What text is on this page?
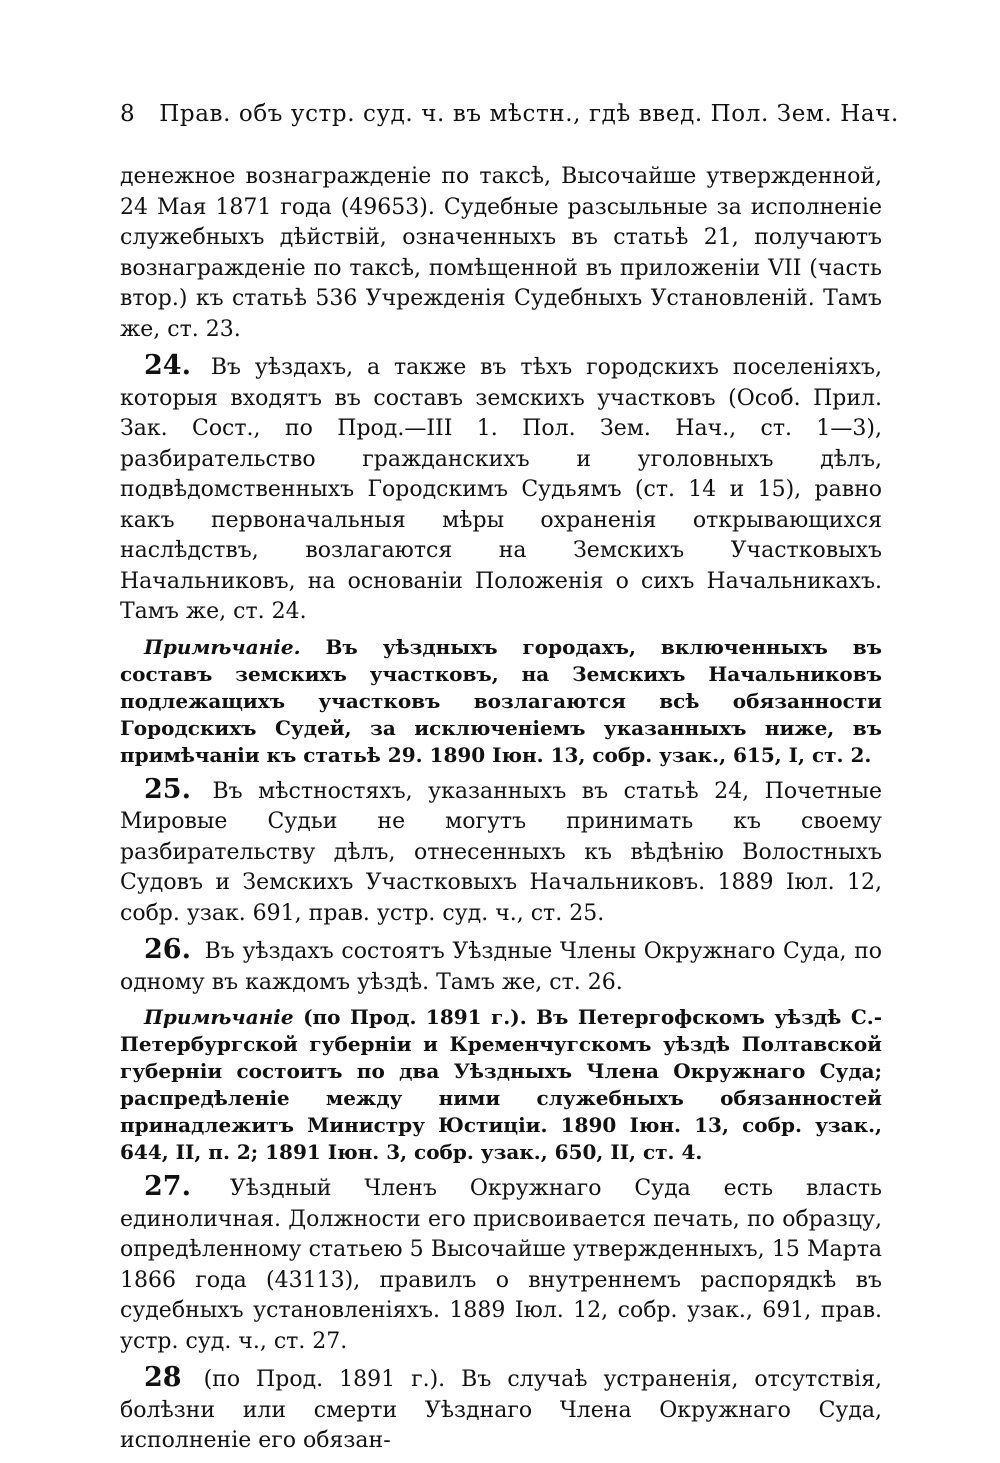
8 Прав. объ устр. суд. ч. въ мѣстн., гдѣ введ. Пол. Зем. Нач.

денежное вознагражденіе по таксѣ, Высочайше утвержденной, 24 Мая 1871 года (49653). Судебные разсыльные за исполненіе служебныхъ дѣйствій, означенныхъ въ статьѣ 21, получаютъ вознагражденіе по таксѣ, помѣщенной въ приложеніи VII (часть втор.) къ статьѣ 536 Учрежденія Судебныхъ Установленій. Тамъ же, ст. 23.

24. Въ уѣздахъ, а также въ тѣхъ городскихъ поселеніяхъ, которыя входятъ въ составъ земскихъ участковъ (Особ. Прил. Зак. Сост., по Прод.—III 1. Пол. Зем. Нач., ст. 1—3), разбирательство гражданскихъ и уголовныхъ дѣлъ, подвѣдомственныхъ Городскимъ Судьямъ (ст. 14 и 15), равно какъ первоначальныя мѣры охраненія открывающихся наслѣдствъ, возлагаются на Земскихъ Участковыхъ Начальниковъ, на основаніи Положенія о сихъ Начальникахъ. Тамъ же, ст. 24.

Примѣчаніе. Въ уѣздныхъ городахъ, включенныхъ въ составъ земскихъ участковъ, на Земскихъ Начальниковъ подлежащихъ участковъ возлагаются всѣ обязанности Городскихъ Судей, за исключеніемъ указанныхъ ниже, въ примѣчаніи къ статьѣ 29. 1890 Іюн. 13, собр. узак., 615, I, ст. 2.

25. Въ мѣстностяхъ, указанныхъ въ статьѣ 24, Почетные Мировые Судьи не могутъ принимать къ своему разбирательству дѣлъ, отнесенныхъ къ вѣдѣнію Волостныхъ Судовъ и Земскихъ Участковыхъ Начальниковъ. 1889 Іюл. 12, собр. узак. 691, прав. устр. суд. ч., ст. 25.

26. Въ уѣздахъ состоятъ Уѣздные Члены Окружнаго Суда, по одному въ каждомъ уѣздѣ. Тамъ же, ст. 26.

Примѣчаніе (по Прод. 1891 г.). Въ Петергофскомъ уѣздѣ С.-Петербургской губерніи и Кременчугскомъ уѣздѣ Полтавской губерніи состоитъ по два Уѣздныхъ Члена Окружнаго Суда; распредѣленіе между ними служебныхъ обязанностей принадлежитъ Министру Юстиціи. 1890 Іюн. 13, собр. узак., 644, II, п. 2; 1891 Іюн. 3, собр. узак., 650, II, ст. 4.

27. Уѣздный Членъ Окружнаго Суда есть власть единоличная. Должности его присвоивается печать, по образцу, опредѣленному статьею 5 Высочайше утвержденныхъ, 15 Марта 1866 года (43113), правилъ о внутреннемъ распорядкѣ въ судебныхъ установленіяхъ. 1889 Іюл. 12, собр. узак., 691, прав. устр. суд. ч., ст. 27.

28 (по Прод. 1891 г.). Въ случаѣ устраненія, отсутствія, болѣзни или смерти Уѣзднаго Члена Окружнаго Суда, исполненіе его обязан-
